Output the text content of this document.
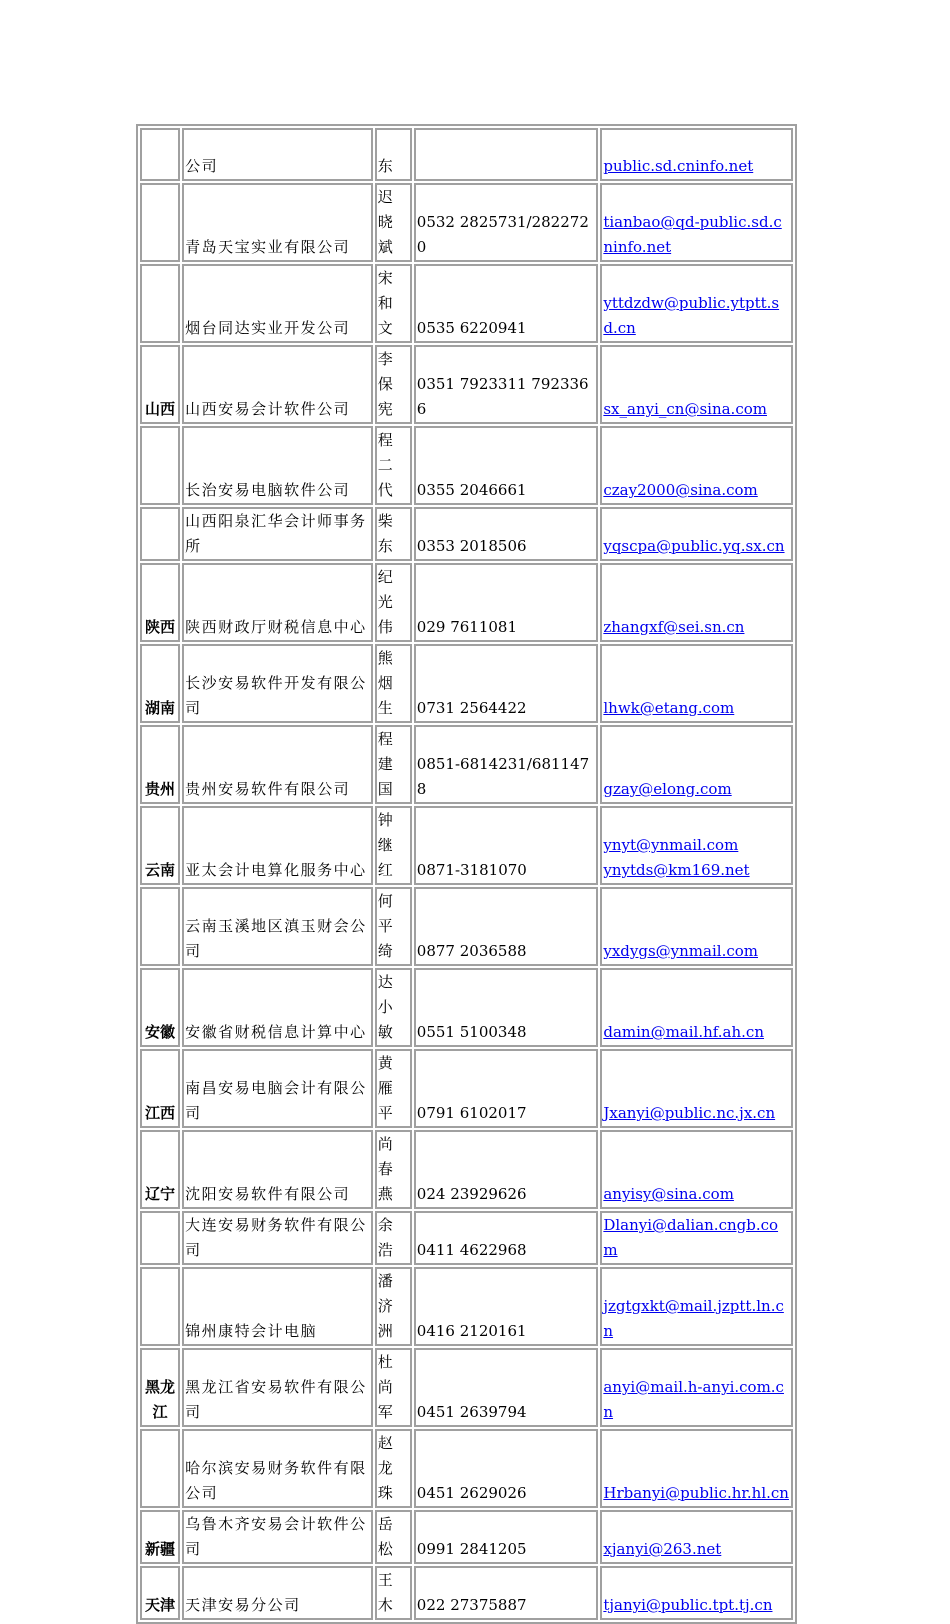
	公司	东		public.sd.cninfo.net

	青岛天宝实业有限公司	迟晓斌	0532 2825731/2822720	tianbao@qd-public.sd.cninfo.net

	烟台同达实业开发公司	宋和文	0535 6220941	yttdzdw@public.ytptt.sd.cn

山西	山西安易会计软件公司	李保宪	0351 7923311 7923366	sx_anyi_cn@sina.com

	长治安易电脑软件公司	程二代	0355 2046661	czay2000@sina.com

	山西阳泉汇华会计师事务所	柴东	0353 2018506	yqscpa@public.yq.sx.cn

陕西	陕西财政厅财税信息中心	纪光伟	029 7611081	zhangxf@sei.sn.cn

湖南	长沙安易软件开发有限公司	熊烟生	0731 2564422	lhwk@etang.com

贵州	贵州安易软件有限公司	程建国	0851-6814231/6811478	gzay@elong.com

云南	亚太会计电算化服务中心	钟继红	0871-3181070	ynyt@ynmail.com
ynytds@km169.net

	云南玉溪地区滇玉财会公司	何平绮	0877 2036588	yxdygs@ynmail.com

安徽	安徽省财税信息计算中心	达小敏	0551 5100348	damin@mail.hf.ah.cn

江西	南昌安易电脑会计有限公司	黄雁平	0791 6102017	Jxanyi@public.nc.jx.cn

辽宁	沈阳安易软件有限公司	尚春燕	024 23929626	anyisy@sina.com

	大连安易财务软件有限公司	余浩	0411 4622968	Dlanyi@dalian.cngb.com

	锦州康特会计电脑	潘济洲	0416 2120161	jzgtgxkt@mail.jzptt.ln.cn

黑龙江	黑龙江省安易软件有限公司	杜尚军	0451 2639794	anyi@mail.h-anyi.com.cn

	哈尔滨安易财务软件有限公司	赵龙珠	0451 2629026	Hrbanyi@public.hr.hl.cn

新疆	乌鲁木齐安易会计软件公司	岳松	0991 2841205	xjanyi@263.net

天津	天津安易分公司	王木	022 27375887	tjanyi@public.tpt.tj.cn
